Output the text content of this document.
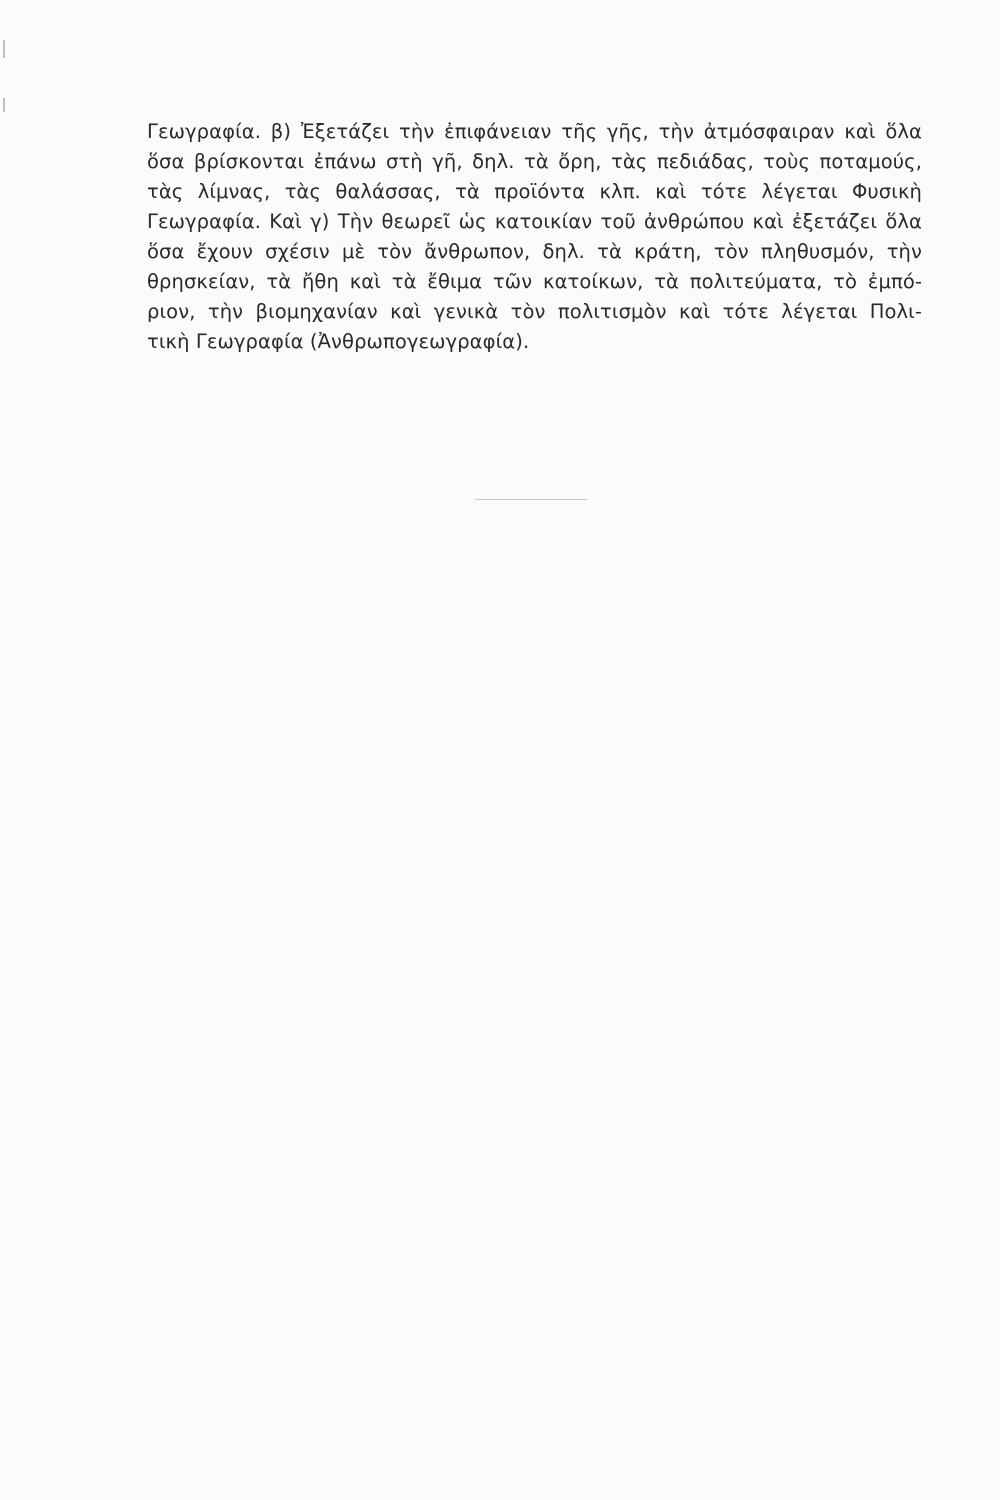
Γεωγραφία. β) Ἐξετάζει τὴν ἐπιφάνειαν τῆς γῆς, τὴν ἀτμόσφαιραν καὶ ὅλα
ὅσα βρίσκονται ἐπάνω στὴ γῆ, δηλ. τὰ ὄρη, τὰς πεδιάδας, τοὺς ποταμούς,
τὰς λίμνας, τὰς θαλάσσας, τὰ προϊόντα κλπ. καὶ τότε λέγεται Φυσικὴ
Γεωγραφία. Καὶ γ) Τὴν θεωρεῖ ὡς κατοικίαν τοῦ ἀνθρώπου καὶ ἐξετάζει ὅλα
ὅσα ἔχουν σχέσιν μὲ τὸν ἄνθρωπον, δηλ. τὰ κράτη, τὸν πληθυσμόν, τὴν
θρησκείαν, τὰ ἤθη καὶ τὰ ἔθιμα τῶν κατοίκων, τὰ πολιτεύματα, τὸ ἐμπό-
ριον, τὴν βιομηχανίαν καὶ γενικὰ τὸν πολιτισμὸν καὶ τότε λέγεται Πολι-
τικὴ Γεωγραφία (Ἀνθρωπογεωγραφία).
